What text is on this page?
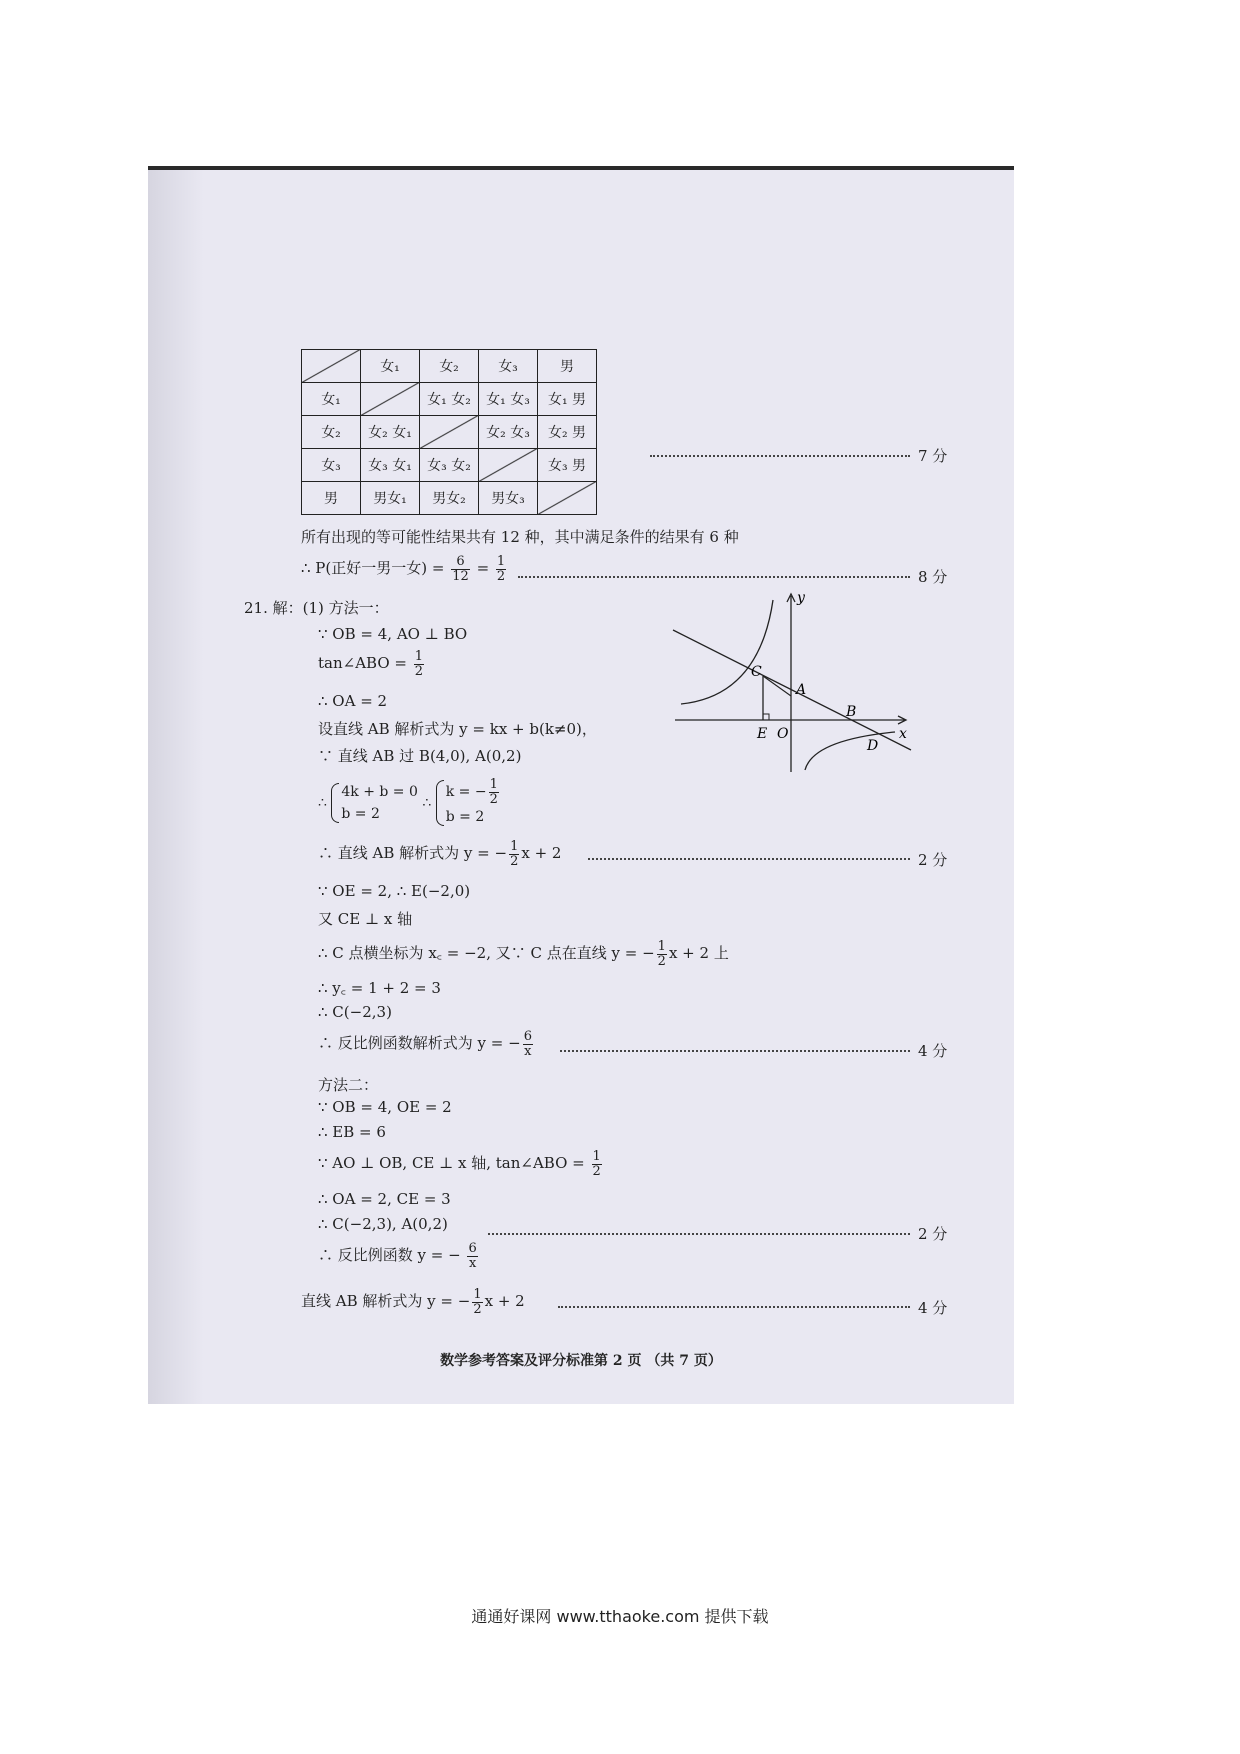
	女₁	女₂	女₃	男
女₁		女₁ 女₂	女₁ 女₃	女₁ 男
女₂	女₂ 女₁		女₂ 女₃	女₂ 男
女₃	女₃ 女₁	女₃ 女₂		女₃ 男
男	男女₁	男女₂	男女₃	
7 分
所有出现的等可能性结果共有 12 种，其中满足条件的结果有 6 种
∴ P(正好一男一女) = $\frac{6}{12} = \frac{1}{2}$	8 分
21. 解：(1) 方法一：
∵ OB = 4, AO ⊥ BO
tan∠ABO = $\frac{1}{2}$
∴ OA = 2
设直线 AB 解析式为 y = kx + b(k≠0)，
∵ 直线 AB 过 B(4,0), A(0,2)
∴
4k + b = 0
b = 2
∴
k = − $\frac{1}{2}$
b = 2
∴ 直线 AB 解析式为 y = − $\frac{1}{2}$ x + 2	2 分
∵ OE = 2, ∴ E(−2,0)
又 CE ⊥ x 轴
∴ C 点横坐标为 x꜀ = −2, 又∵ C 点在直线 y = − $\frac{1}{2}$ x + 2 上
∴ y꜀ = 1 + 2 = 3
∴ C(−2,3)
∴ 反比例函数解析式为 y = − $\frac{6}{x}$	4 分
方法二：
∵ OB = 4, OE = 2
∴ EB = 6
∵ AO ⊥ OB, CE ⊥ x 轴, tan∠ABO = $\frac{1}{2}$
∴ OA = 2, CE = 3
∴ C(−2,3), A(0,2)
2 分
∴ 反比例函数 y = − $\frac{6}{x}$
直线 AB 解析式为 y = − $\frac{1}{2}$ x + 2	4 分
y
x
C
A
B
E O
D
数学参考答案及评分标准第 2 页 （共 7 页）
通通好课网 www.tthaoke.com 提供下载
